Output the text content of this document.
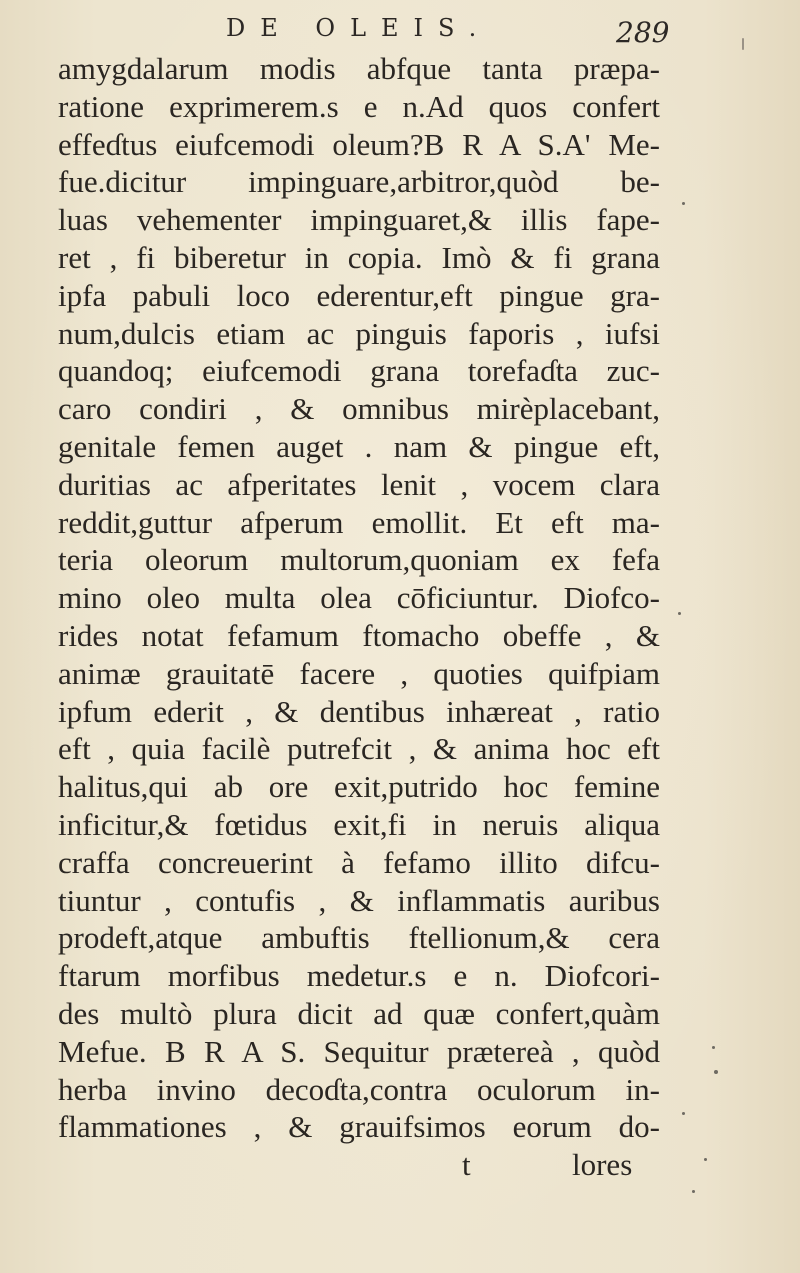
DE OLEIS.	289
amygdalarum modis abfque tanta præpa-
ratione exprimerem.s e n.Ad quos confert
effeɗtus eiufcemodi oleum?B R A S.A' Me-
fue.dicitur impinguare,arbitror,quòd be-
luas vehementer impinguaret,& illis fape-
ret , fi biberetur in copia. Imò & fi grana
ipfa pabuli loco ederentur,eft pingue gra-
num,dulcis etiam ac pinguis faporis , iufsi
quandoq; eiufcemodi grana torefaɗta zuc-
caro condiri , & omnibus mirèplacebant,
genitale femen auget . nam & pingue eft,
duritias ac afperitates lenit , vocem clara
reddit,guttur afperum emollit. Et eft ma-
teria oleorum multorum,quoniam ex fefa
mino oleo multa olea cōficiuntur. Diofco-
rides notat fefamum ftomacho obeffe , &
animæ grauitatē facere , quoties quifpiam
ipfum ederit , & dentibus inhæreat , ratio
eft , quia facilè putrefcit , & anima hoc eft
halitus,qui ab ore exit,putrido hoc femine
inficitur,& fœtidus exit,fi in neruis aliqua
craffa concreuerint à fefamo illito difcu-
tiuntur , contufis , & inflammatis auribus
prodeft,atque ambuftis ftellionum,& cera
ftarum morfibus medetur.s e n. Diofcori-
des multò plura dicit ad quæ confert,quàm
Mefue. B R A S. Sequitur prætereà , quòd
herba invino decoɗta,contra oculorum in-
flammationes , & grauifsimos eorum do-
t	lores
